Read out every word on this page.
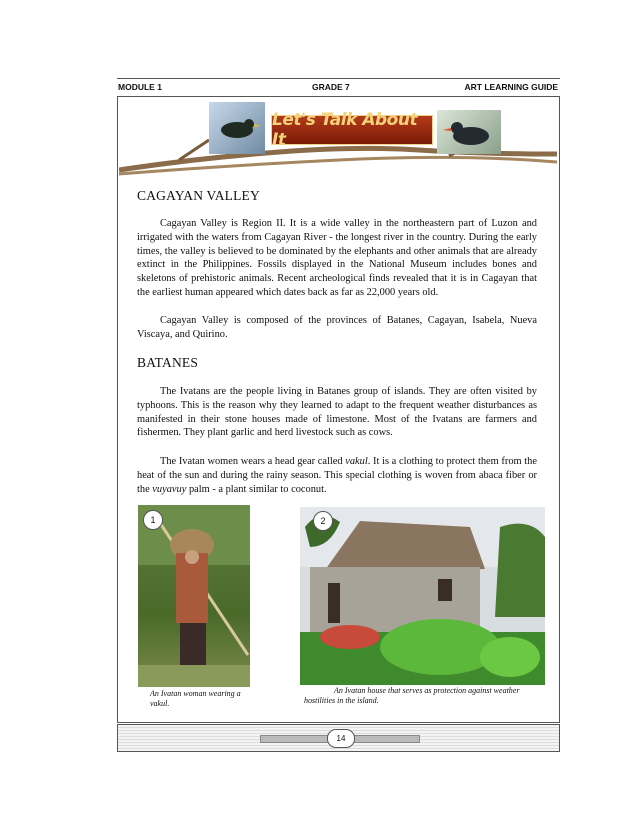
MODULE 1	GRADE 7	ART LEARNING GUIDE
Let's Talk About It
CAGAYAN VALLEY

Cagayan Valley is Region II. It is a wide valley in the northeastern part of Luzon and irrigated with the waters from Cagayan River - the longest river in the country. During the early times, the valley is believed to be dominated by the elephants and other animals that are already extinct in the Philippines. Fossils displayed in the National Museum includes bones and skeletons of prehistoric animals. Recent archeological finds revealed that it is in Cagayan that the earliest human appeared which dates back as far as 22,000 years old.

Cagayan Valley is composed of the provinces of Batanes, Cagayan, Isabela, Nueva Viscaya, and Quirino.

BATANES

The Ivatans are the people living in Batanes group of islands. They are often visited by typhoons. This is the reason why they learned to adapt to the frequent weather disturbances as manifested in their stone houses made of limestone. Most of the Ivatans are farmers and fishermen. They plant garlic and herd livestock such as cows.

The Ivatan women wears a head gear called vakul. It is a clothing to protect them from the heat of the sun and during the rainy season. This special clothing is woven from abaca fiber or the vuyavuy palm - a plant similar to coconut.

1
An Ivatan woman wearing a vakul.
2
An Ivatan house that serves as protection against weather hostilities in the island.
14
